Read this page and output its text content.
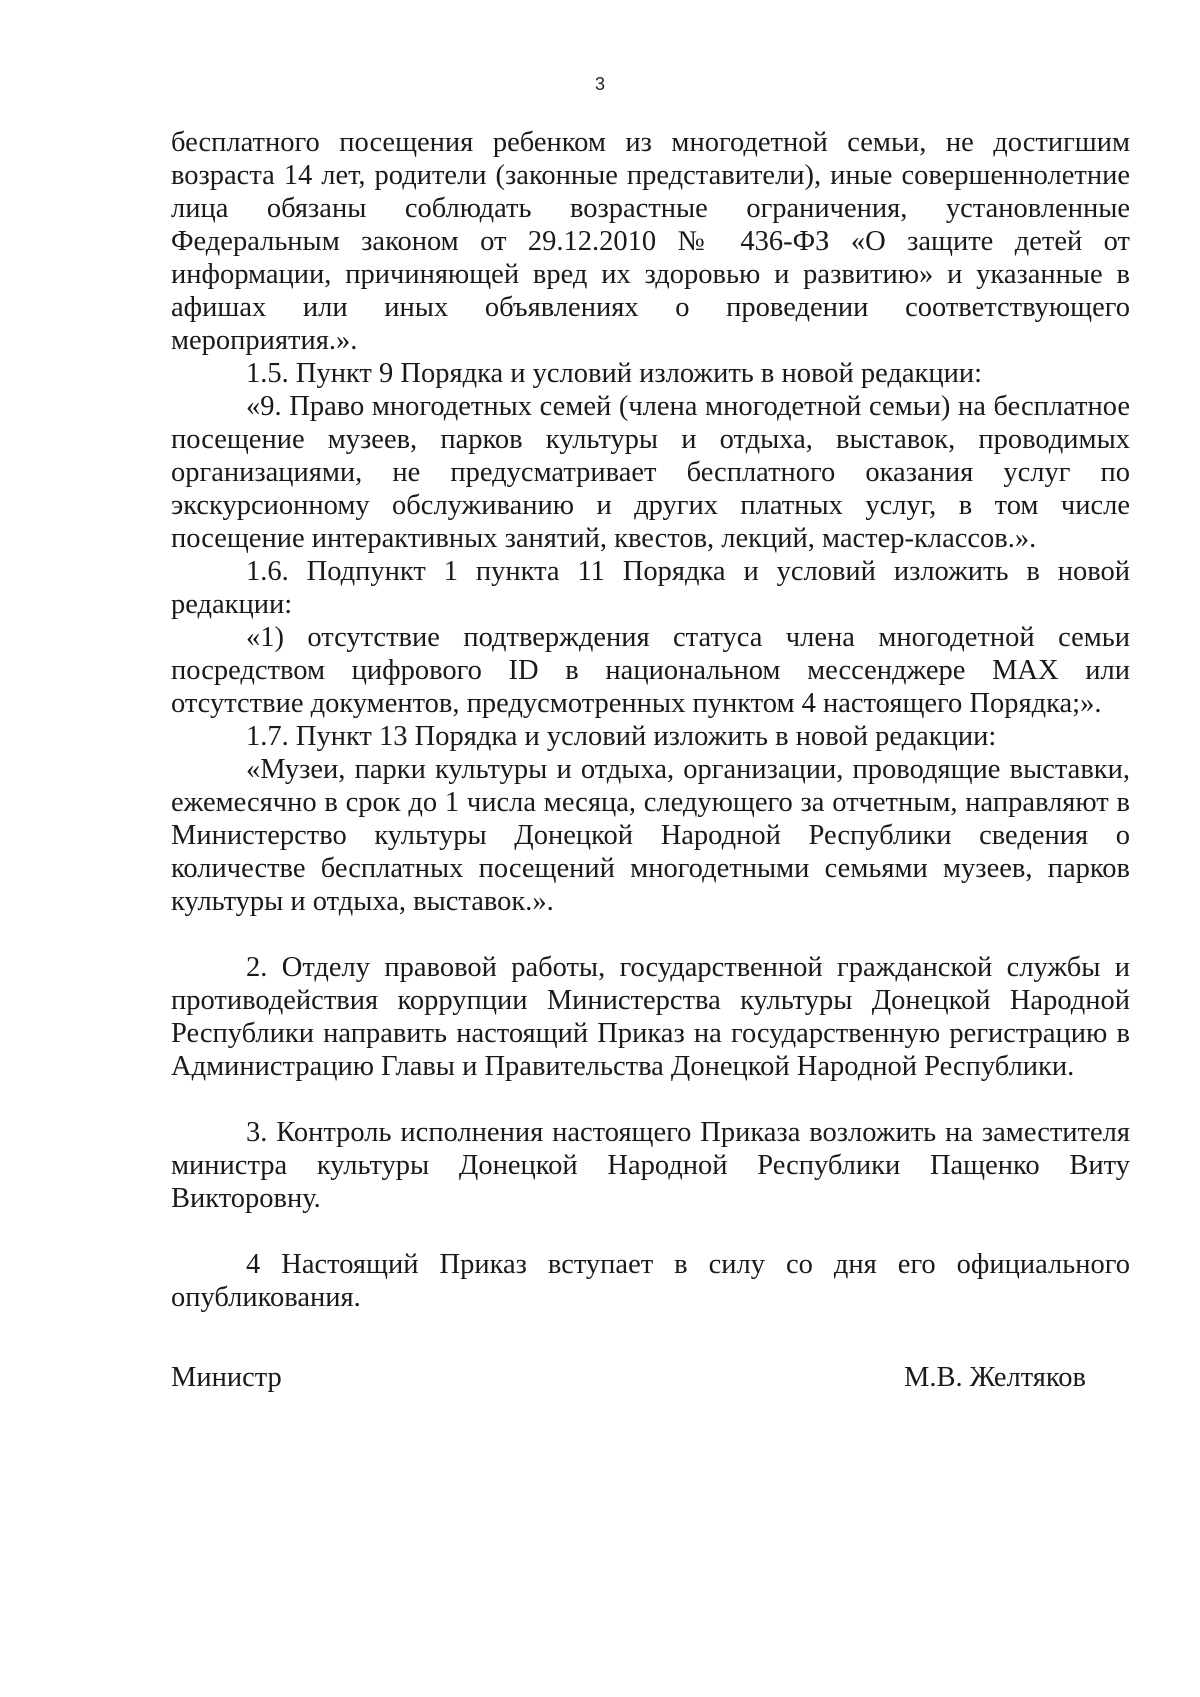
3

бесплатного посещения ребенком из многодетной семьи, не достигшим возраста 14 лет, родители (законные представители), иные совершеннолетние лица обязаны соблюдать возрастные ограничения, установленные Федеральным законом от 29.12.2010 № 436-ФЗ «О защите детей от информации, причиняющей вред их здоровью и развитию» и указанные в афишах или иных объявлениях о проведении соответствующего мероприятия.».

1.5. Пункт 9 Порядка и условий изложить в новой редакции:

«9. Право многодетных семей (члена многодетной семьи) на бесплатное посещение музеев, парков культуры и отдыха, выставок, проводимых организациями, не предусматривает бесплатного оказания услуг по экскурсионному обслуживанию и других платных услуг, в том числе посещение интерактивных занятий, квестов, лекций, мастер-классов.».

1.6. Подпункт 1 пункта 11 Порядка и условий изложить в новой редакции:

«1) отсутствие подтверждения статуса члена многодетной семьи посредством цифрового ID в национальном мессенджере MAX или отсутствие документов, предусмотренных пунктом 4 настоящего Порядка;».

1.7. Пункт 13 Порядка и условий изложить в новой редакции:

«Музеи, парки культуры и отдыха, организации, проводящие выставки, ежемесячно в срок до 1 числа месяца, следующего за отчетным, направляют в Министерство культуры Донецкой Народной Республики сведения о количестве бесплатных посещений многодетными семьями музеев, парков культуры и отдыха, выставок.».

2. Отделу правовой работы, государственной гражданской службы и противодействия коррупции Министерства культуры Донецкой Народной Республики направить настоящий Приказ на государственную регистрацию в Администрацию Главы и Правительства Донецкой Народной Республики.

3. Контроль исполнения настоящего Приказа возложить на заместителя министра культуры Донецкой Народной Республики Пащенко Виту Викторовну.

4 Настоящий Приказ вступает в силу со дня его официального опубликования.

Министр	М.В. Желтяков
